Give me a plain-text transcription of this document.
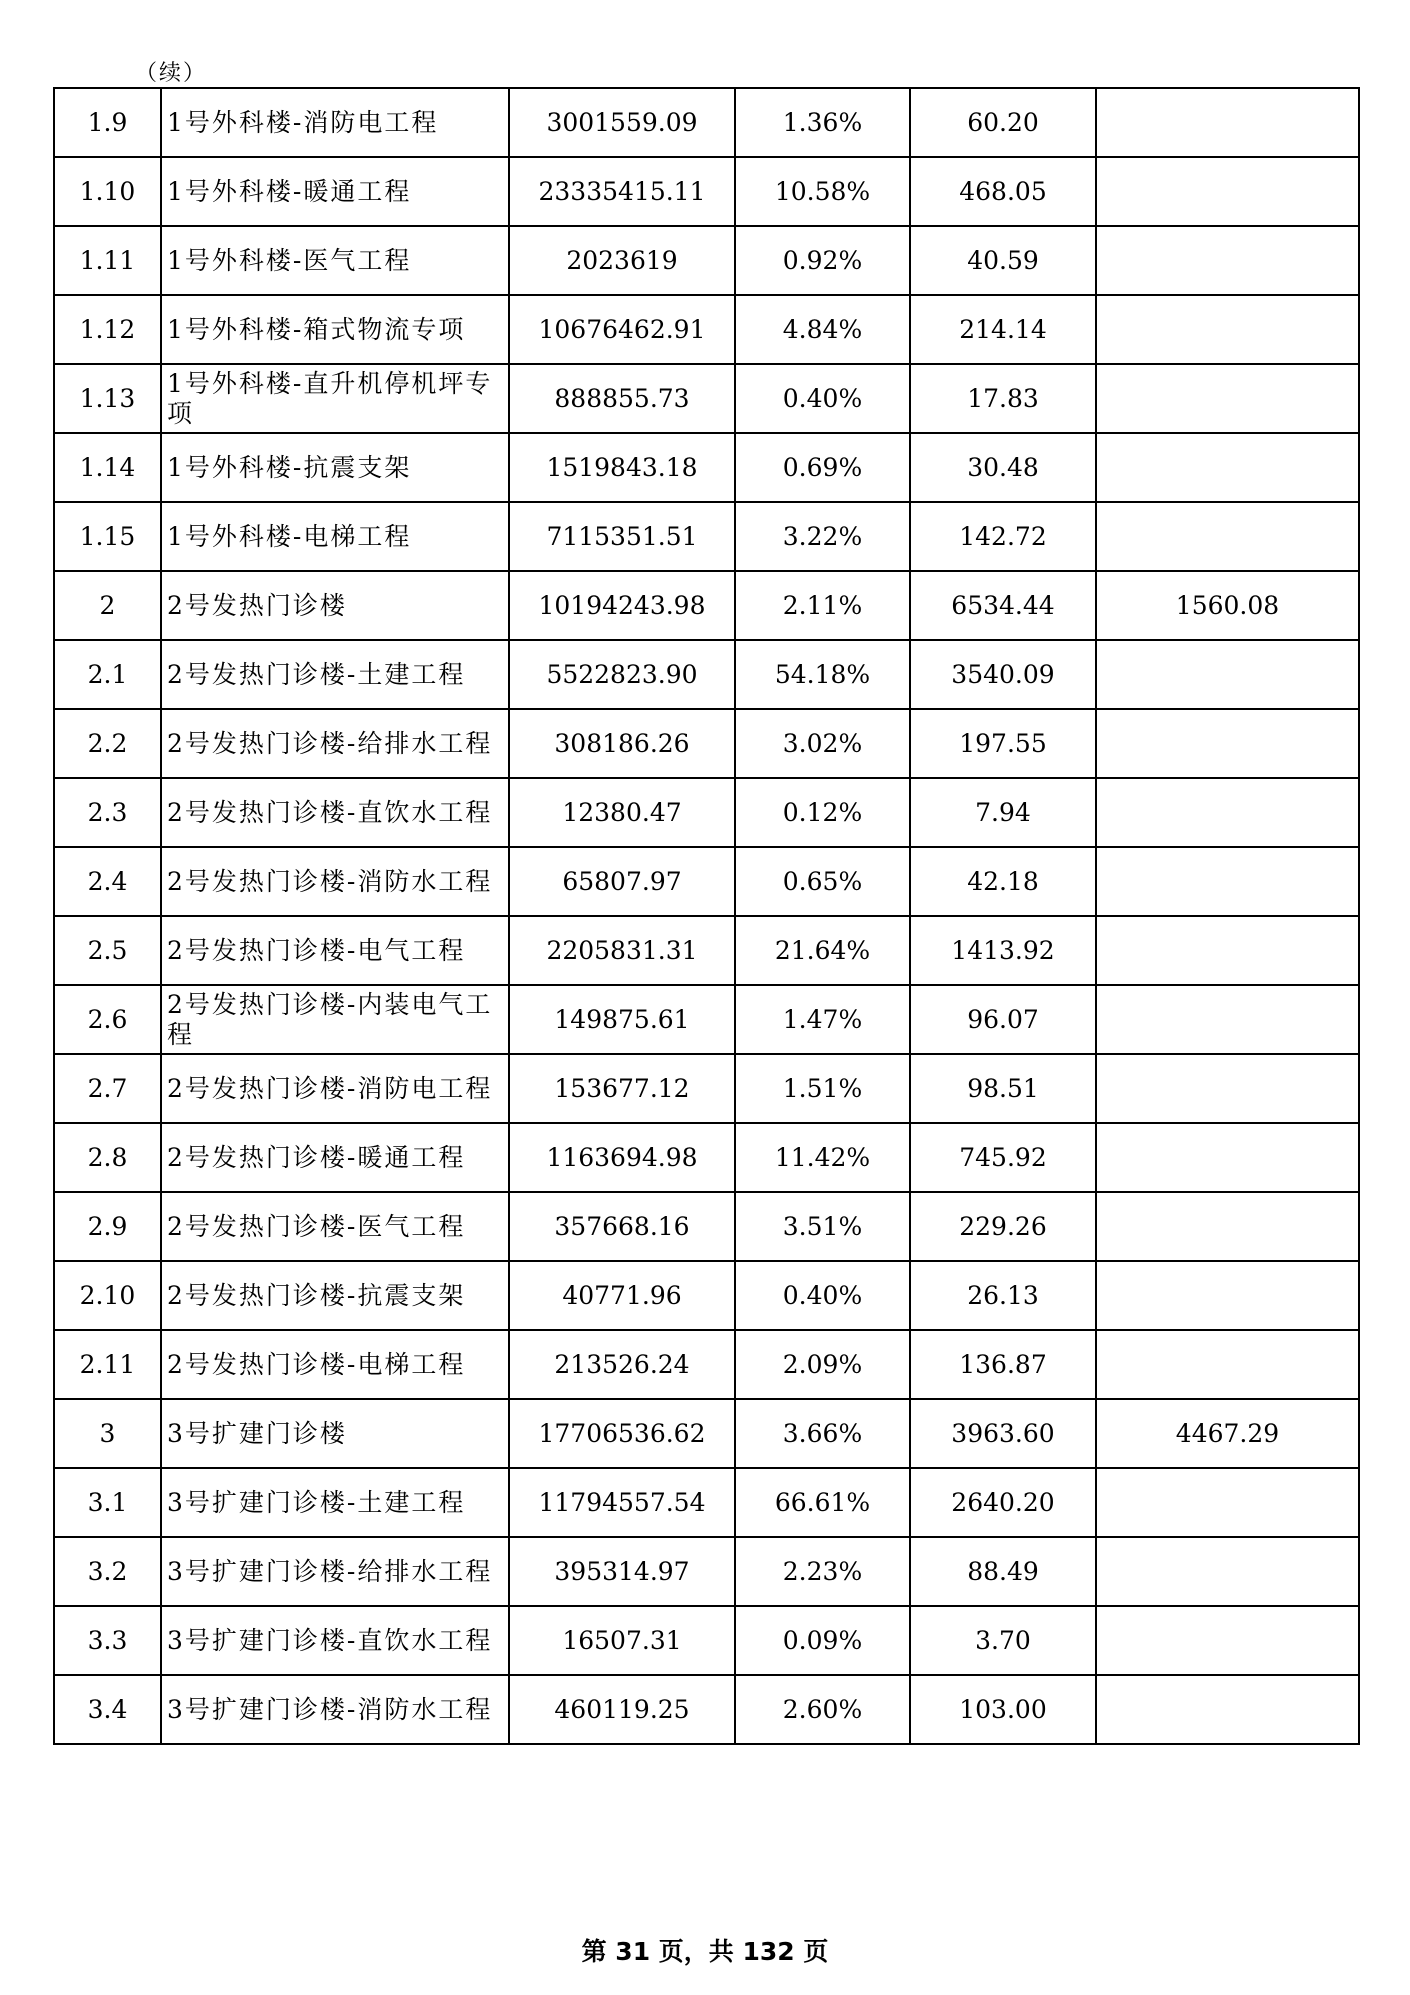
（续）
1.9	1号外科楼-消防电工程	3001559.09	1.36%	60.20	
1.10	1号外科楼-暖通工程	23335415.11	10.58%	468.05	
1.11	1号外科楼-医气工程	2023619	0.92%	40.59	
1.12	1号外科楼-箱式物流专项	10676462.91	4.84%	214.14	
1.13	1号外科楼-直升机停机坪专项	888855.73	0.40%	17.83	
1.14	1号外科楼-抗震支架	1519843.18	0.69%	30.48	
1.15	1号外科楼-电梯工程	7115351.51	3.22%	142.72	
2	2号发热门诊楼	10194243.98	2.11%	6534.44	1560.08
2.1	2号发热门诊楼-土建工程	5522823.90	54.18%	3540.09	
2.2	2号发热门诊楼-给排水工程	308186.26	3.02%	197.55	
2.3	2号发热门诊楼-直饮水工程	12380.47	0.12%	7.94	
2.4	2号发热门诊楼-消防水工程	65807.97	0.65%	42.18	
2.5	2号发热门诊楼-电气工程	2205831.31	21.64%	1413.92	
2.6	2号发热门诊楼-内装电气工程	149875.61	1.47%	96.07	
2.7	2号发热门诊楼-消防电工程	153677.12	1.51%	98.51	
2.8	2号发热门诊楼-暖通工程	1163694.98	11.42%	745.92	
2.9	2号发热门诊楼-医气工程	357668.16	3.51%	229.26	
2.10	2号发热门诊楼-抗震支架	40771.96	0.40%	26.13	
2.11	2号发热门诊楼-电梯工程	213526.24	2.09%	136.87	
3	3号扩建门诊楼	17706536.62	3.66%	3963.60	4467.29
3.1	3号扩建门诊楼-土建工程	11794557.54	66.61%	2640.20	
3.2	3号扩建门诊楼-给排水工程	395314.97	2.23%	88.49	
3.3	3号扩建门诊楼-直饮水工程	16507.31	0.09%	3.70	
3.4	3号扩建门诊楼-消防水工程	460119.25	2.60%	103.00	
第 31 页，共 132 页
